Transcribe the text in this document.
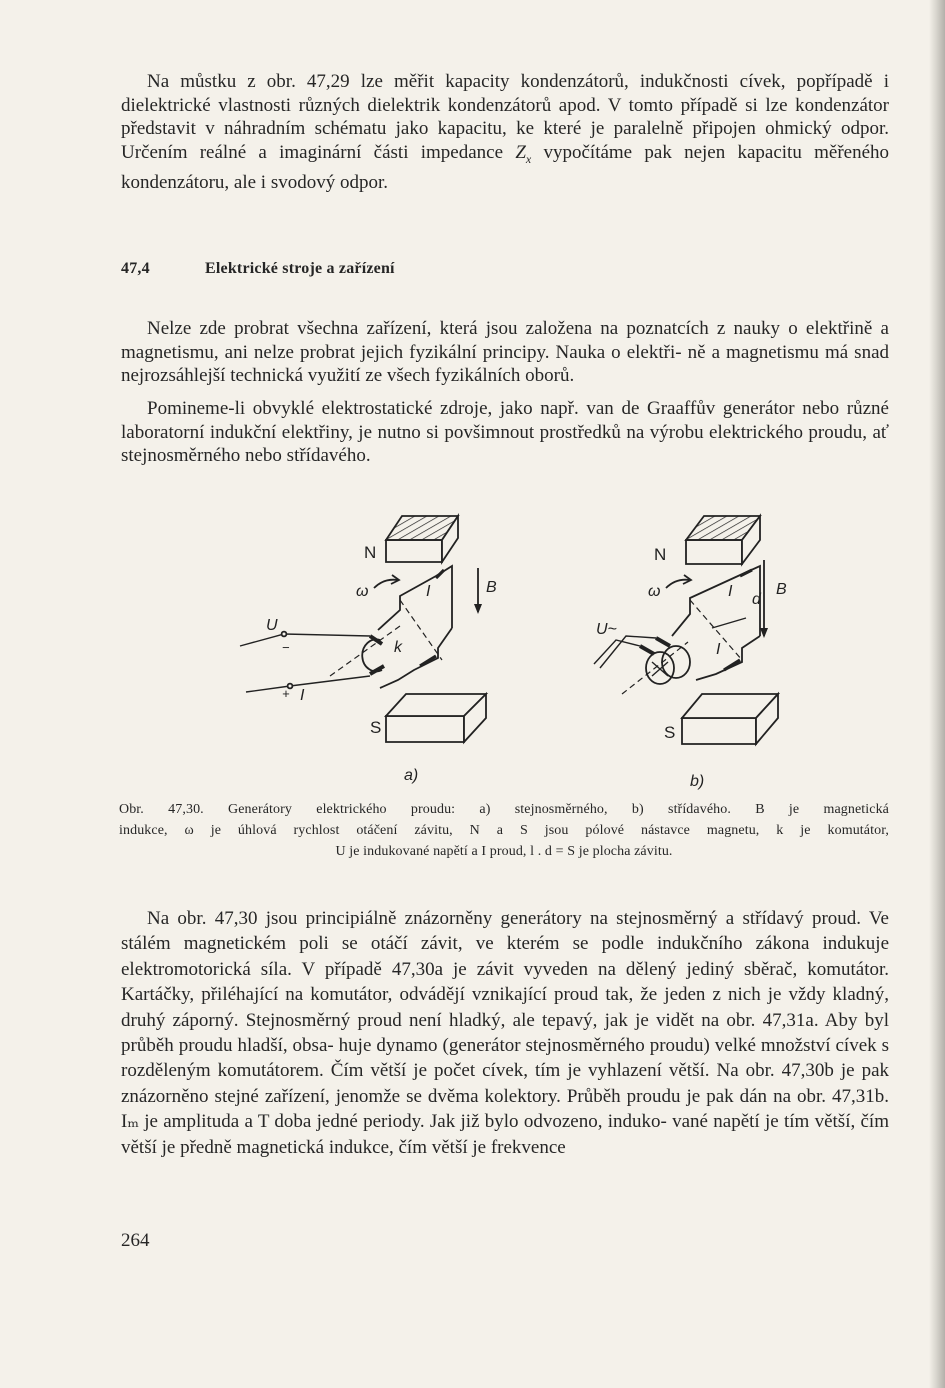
Na můstku z obr. 47,29 lze měřit kapacity kondenzátorů, indukčnosti cívek, popřípadě i dielektrické vlastnosti různých dielektrik kondenzátorů apod. V tomto případě si lze kondenzátor představit v náhradním schématu jako kapacitu, ke které je paralelně připojen ohmický odpor. Určením reálné a imaginární části impedance $Z_x$ vypočítáme pak nejen kapacitu měřeného kondenzátoru, ale i svodový odpor.
47,4	Elektrické stroje a zařízení
Nelze zde probrat všechna zařízení, která jsou založena na poznatcích z nauky o elektřině a magnetismu, ani nelze probrat jejich fyzikální principy. Nauka o elektři- ně a magnetismu má snad nejrozsáhlejší technická využití ze všech fyzikálních oborů.
Pomineme-li obvyklé elektrostatické zdroje, jako např. van de Graaffův generátor nebo různé laboratorní indukční elektřiny, je nutno si povšimnout prostředků na výrobu elektrického proudu, ať stejnosměrného nebo střídavého.
N
S
I
ω	B
k
U
−
+ I
a)
N
S
I
I
d
ω	B
U~
b)
Obr. 47,30. Generátory elektrického proudu: a) stejnosměrného, b) střídavého. B je magnetická
indukce, ω je úhlová rychlost otáčení závitu, N a S jsou pólové nástavce magnetu, k je komutátor,
U je indukované napětí a I proud, l . d = S je plocha závitu.
Na obr. 47,30 jsou principiálně znázorněny generátory na stejnosměrný a střídavý proud. Ve stálém magnetickém poli se otáčí závit, ve kterém se podle indukčního zákona indukuje elektromotorická síla. V případě 47,30a je závit vyveden na dělený jediný sběrač, komutátor. Kartáčky, přiléhající na komutátor, odvádějí vznikající proud tak, že jeden z nich je vždy kladný, druhý záporný. Stejnosměrný proud není hladký, ale tepavý, jak je vidět na obr. 47,31a. Aby byl průběh proudu hladší, obsa- huje dynamo (generátor stejnosměrného proudu) velké množství cívek s rozděleným komutátorem. Čím větší je počet cívek, tím je vyhlazení větší. Na obr. 47,30b je pak znázorněno stejné zařízení, jenomže se dvěma kolektory. Průběh proudu je pak dán na obr. 47,31b. Iₘ je amplituda a T doba jedné periody. Jak již bylo odvozeno, induko- vané napětí je tím větší, čím větší je předně magnetická indukce, čím větší je frekvence
264
